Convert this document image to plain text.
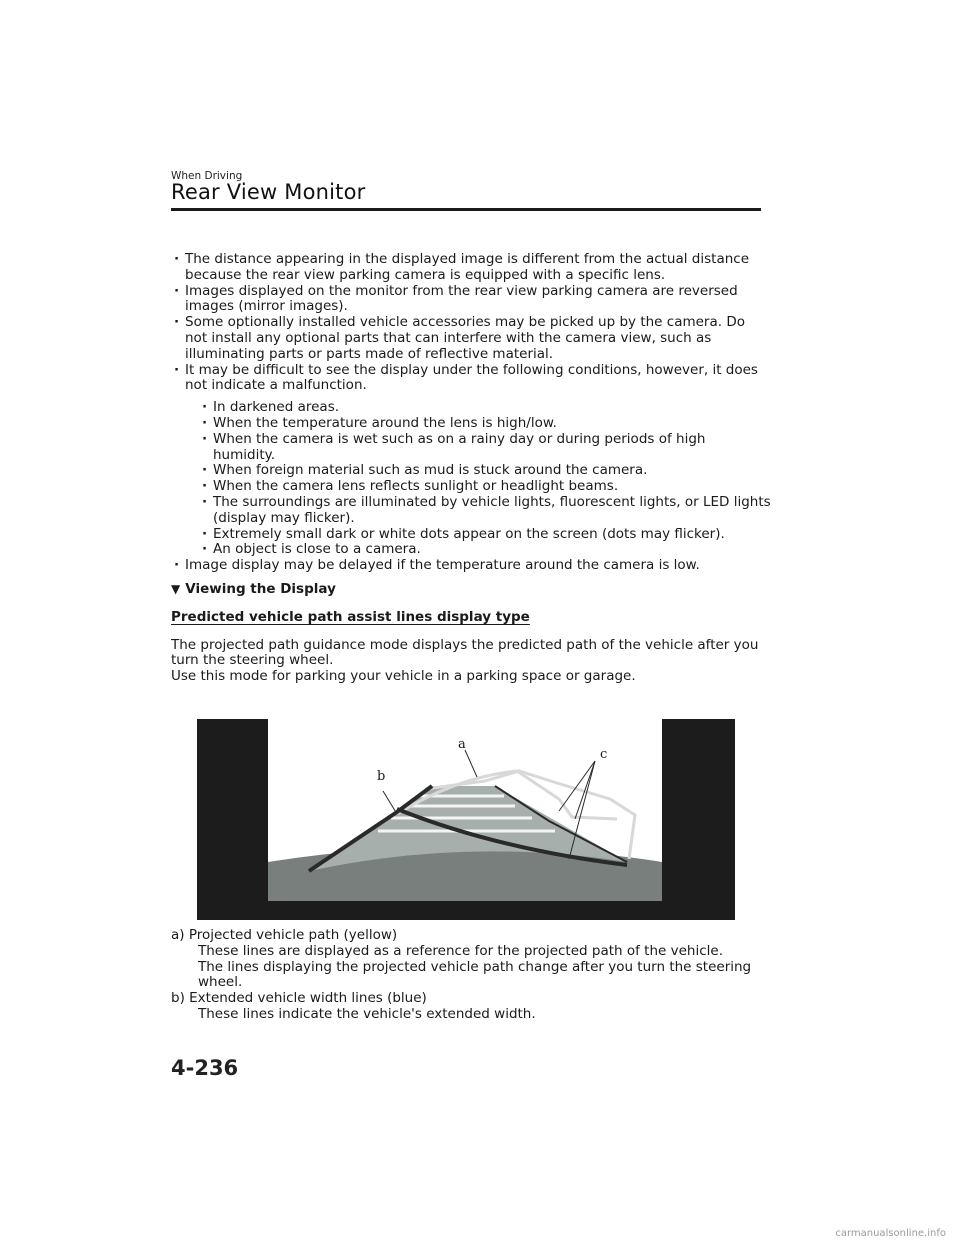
When Driving
Rear View Monitor
· The distance appearing in the displayed image is different from the actual distance because the rear view parking camera is equipped with a specific lens.
· Images displayed on the monitor from the rear view parking camera are reversed images (mirror images).
· Some optionally installed vehicle accessories may be picked up by the camera. Do not install any optional parts that can interfere with the camera view, such as illuminating parts or parts made of reflective material.
· It may be difficult to see the display under the following conditions, however, it does not indicate a malfunction.
· In darkened areas.
· When the temperature around the lens is high/low.
· When the camera is wet such as on a rainy day or during periods of high humidity.
· When foreign material such as mud is stuck around the camera.
· When the camera lens reflects sunlight or headlight beams.
· The surroundings are illuminated by vehicle lights, fluorescent lights, or LED lights (display may flicker).
· Extremely small dark or white dots appear on the screen (dots may flicker).
· An object is close to a camera.
· Image display may be delayed if the temperature around the camera is low.
▼ Viewing the Display
Predicted vehicle path assist lines display type
The projected path guidance mode displays the predicted path of the vehicle after you turn the steering wheel.
Use this mode for parking your vehicle in a parking space or garage.
a
b
c
a) Projected vehicle path (yellow)
These lines are displayed as a reference for the projected path of the vehicle.
The lines displaying the projected vehicle path change after you turn the steering wheel.
b) Extended vehicle width lines (blue)
These lines indicate the vehicle's extended width.
4-236
carmanualsonline.info
